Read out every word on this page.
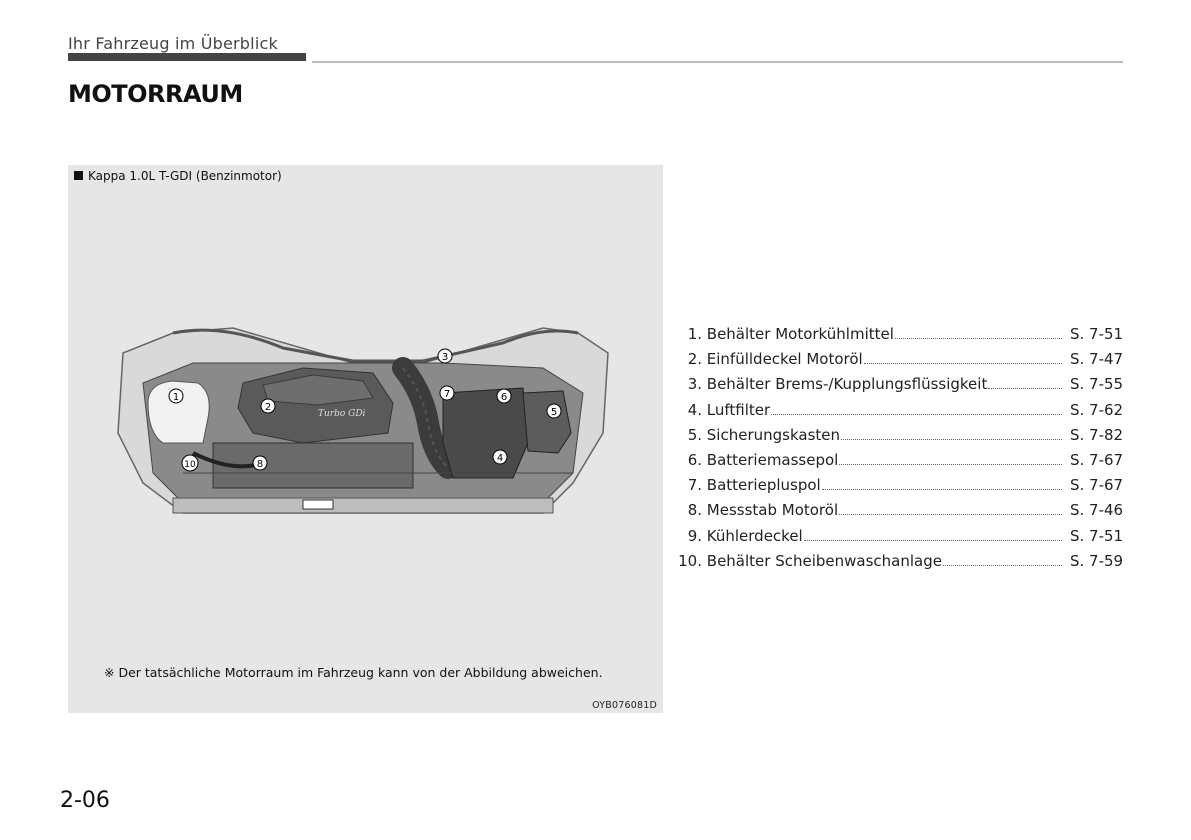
Ihr Fahrzeug im Überblick
MOTORRAUM
Kappa 1.0L T-GDI (Benzinmotor)
Turbo GDi
1
2
3
4
5
6
7
8
10
※ Der tatsächliche Motorraum im Fahrzeug kann von der Abbildung abweichen.
OYB076081D
1.
Behälter Motorkühlmittel	S. 7-51
2.
Einfülldeckel Motoröl	S. 7-47
3.
Behälter Brems-/Kupplungsflüssigkeit	S. 7-55
4.
Luftfilter	S. 7-62
5.
Sicherungskasten	S. 7-82
6.
Batteriemassepol	S. 7-67
7.
Batteriepluspol	S. 7-67
8.
Messstab Motoröl	S. 7-46
9.
Kühlerdeckel	S. 7-51
10.
Behälter Scheibenwaschanlage	S. 7-59
2-06
